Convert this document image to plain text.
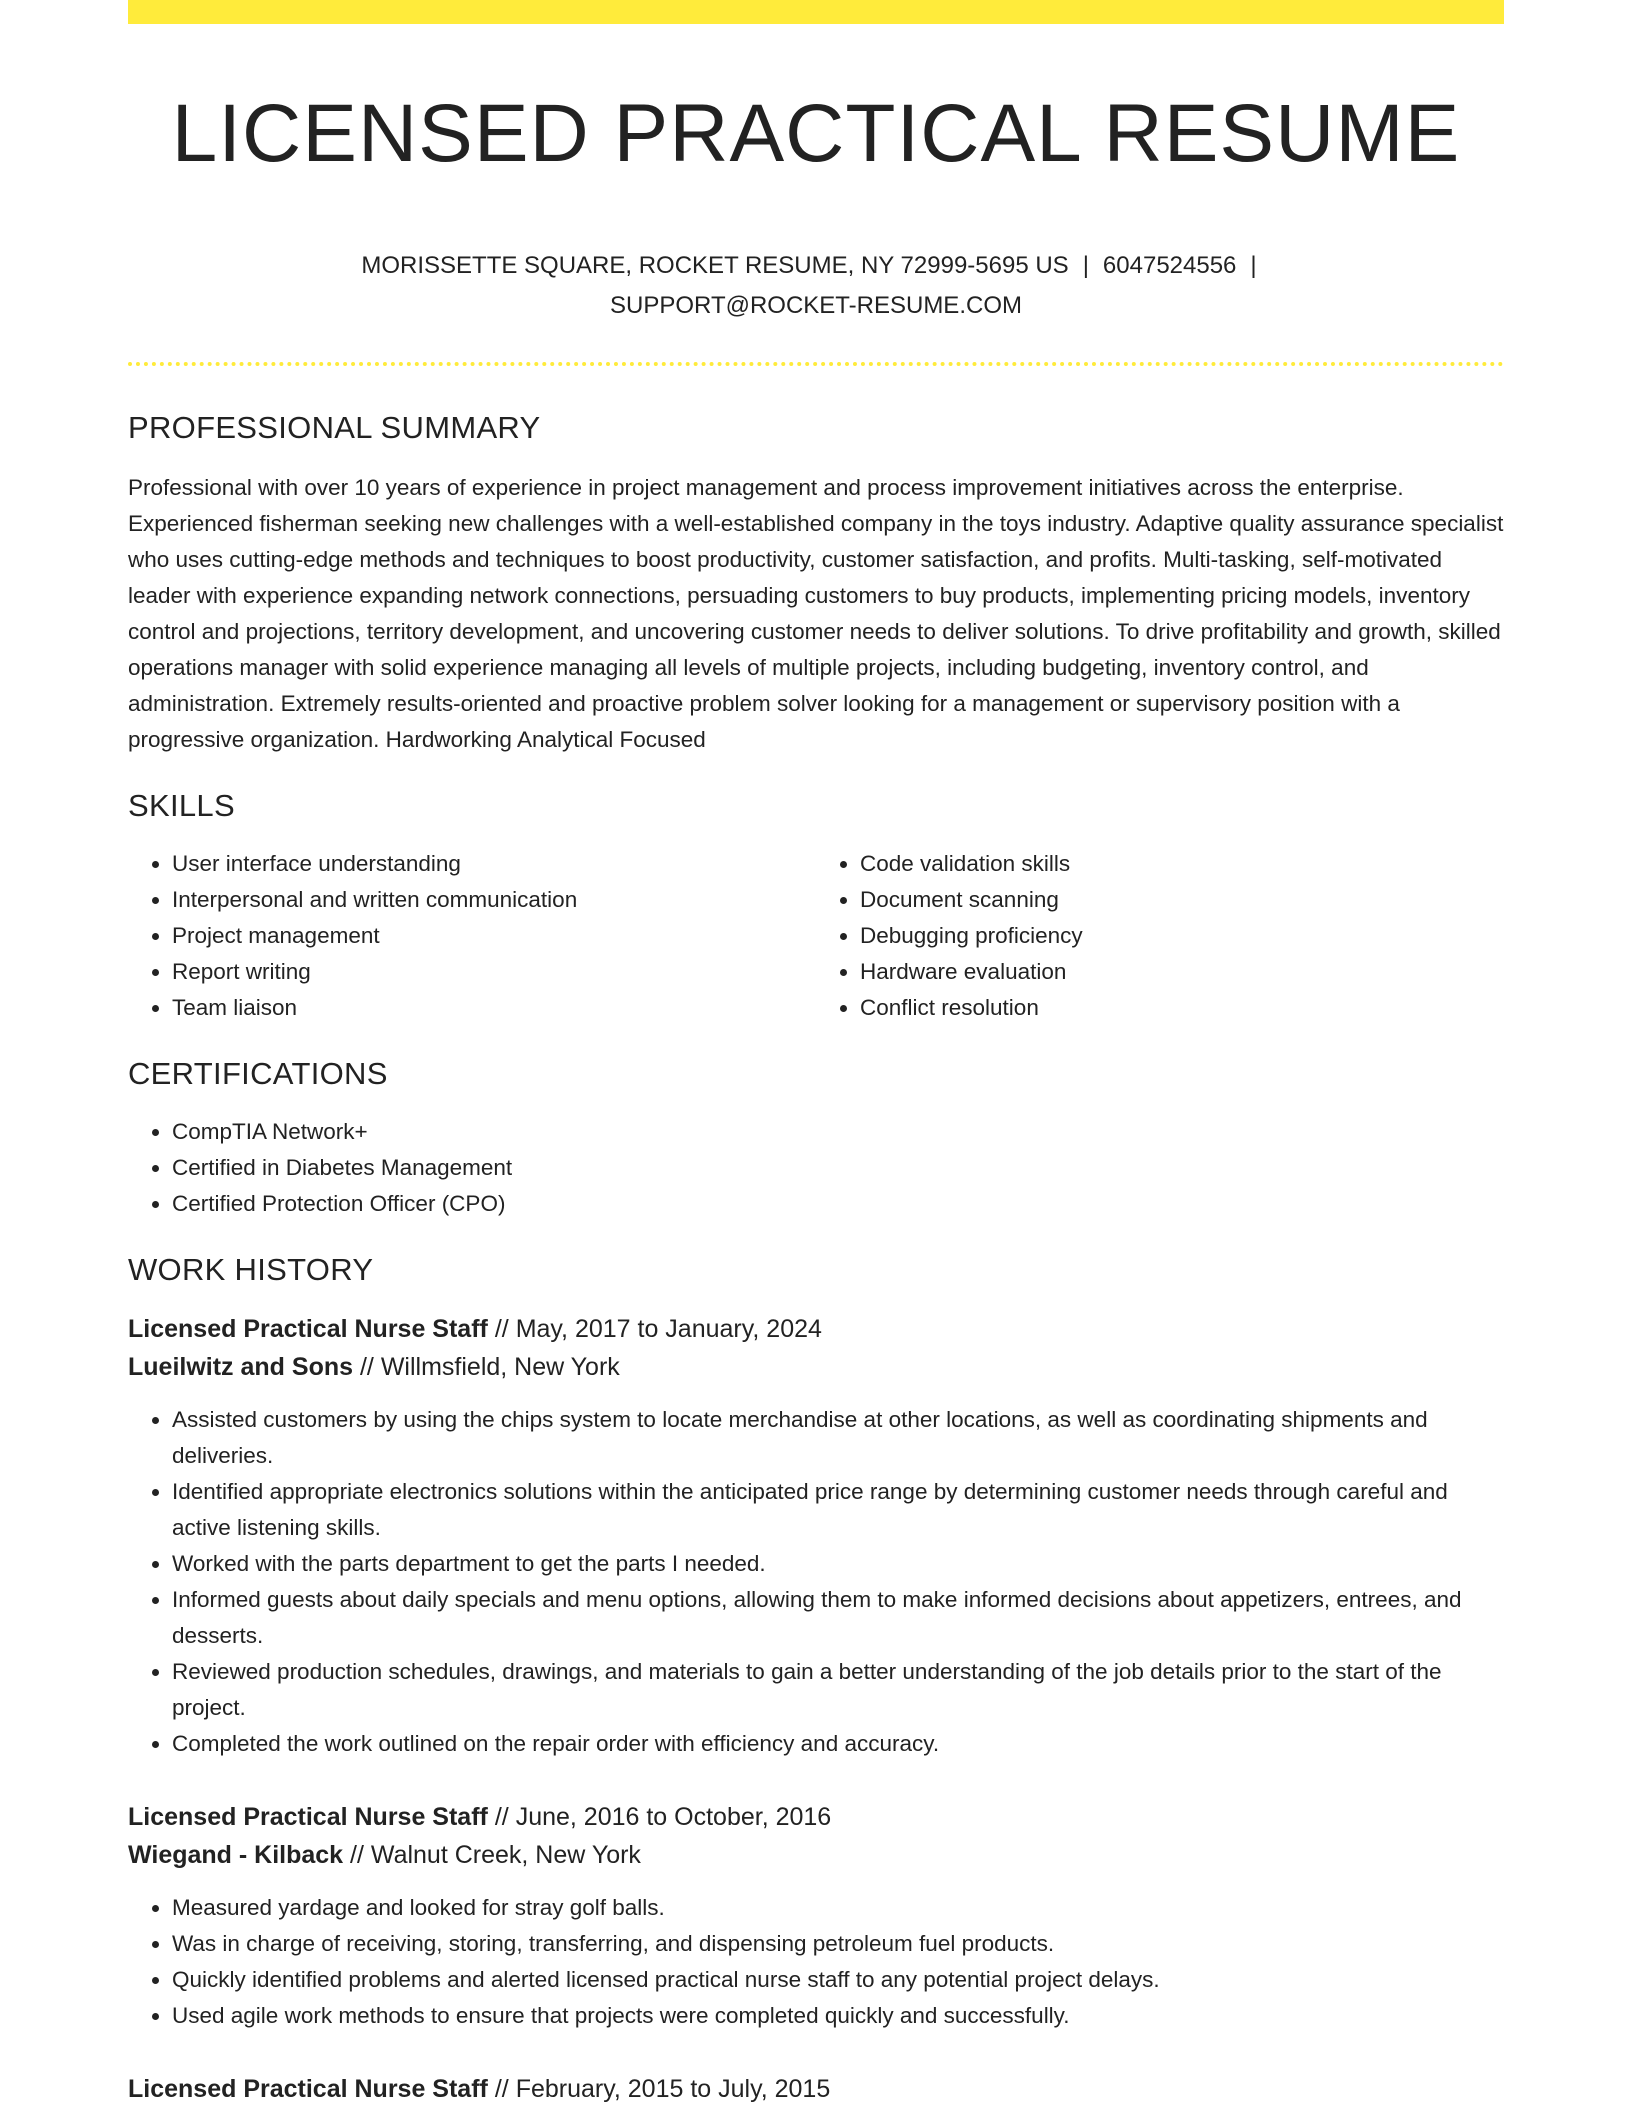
LICENSED PRACTICAL RESUME
MORISSETTE SQUARE, ROCKET RESUME, NY 72999-5695 US | 6047524556 |
SUPPORT@ROCKET-RESUME.COM
PROFESSIONAL SUMMARY
Professional with over 10 years of experience in project management and process improvement initiatives across the enterprise. Experienced fisherman seeking new challenges with a well-established company in the toys industry. Adaptive quality assurance specialist who uses cutting-edge methods and techniques to boost productivity, customer satisfaction, and profits. Multi-tasking, self-motivated leader with experience expanding network connections, persuading customers to buy products, implementing pricing models, inventory control and projections, territory development, and uncovering customer needs to deliver solutions. To drive profitability and growth, skilled operations manager with solid experience managing all levels of multiple projects, including budgeting, inventory control, and administration. Extremely results-oriented and proactive problem solver looking for a management or supervisory position with a progressive organization. Hardworking Analytical Focused
SKILLS
• User interface understanding
• Interpersonal and written communication
• Project management
• Report writing
• Team liaison
• Code validation skills
• Document scanning
• Debugging proficiency
• Hardware evaluation
• Conflict resolution
CERTIFICATIONS
• CompTIA Network+
• Certified in Diabetes Management
• Certified Protection Officer (CPO)
WORK HISTORY
Licensed Practical Nurse Staff // May, 2017 to January, 2024
Lueilwitz and Sons // Willmsfield, New York
• Assisted customers by using the chips system to locate merchandise at other locations, as well as coordinating shipments and deliveries.
• Identified appropriate electronics solutions within the anticipated price range by determining customer needs through careful and active listening skills.
• Worked with the parts department to get the parts I needed.
• Informed guests about daily specials and menu options, allowing them to make informed decisions about appetizers, entrees, and desserts.
• Reviewed production schedules, drawings, and materials to gain a better understanding of the job details prior to the start of the project.
• Completed the work outlined on the repair order with efficiency and accuracy.
Licensed Practical Nurse Staff // June, 2016 to October, 2016
Wiegand - Kilback // Walnut Creek, New York
• Measured yardage and looked for stray golf balls.
• Was in charge of receiving, storing, transferring, and dispensing petroleum fuel products.
• Quickly identified problems and alerted licensed practical nurse staff to any potential project delays.
• Used agile work methods to ensure that projects were completed quickly and successfully.
Licensed Practical Nurse Staff // February, 2015 to July, 2015
